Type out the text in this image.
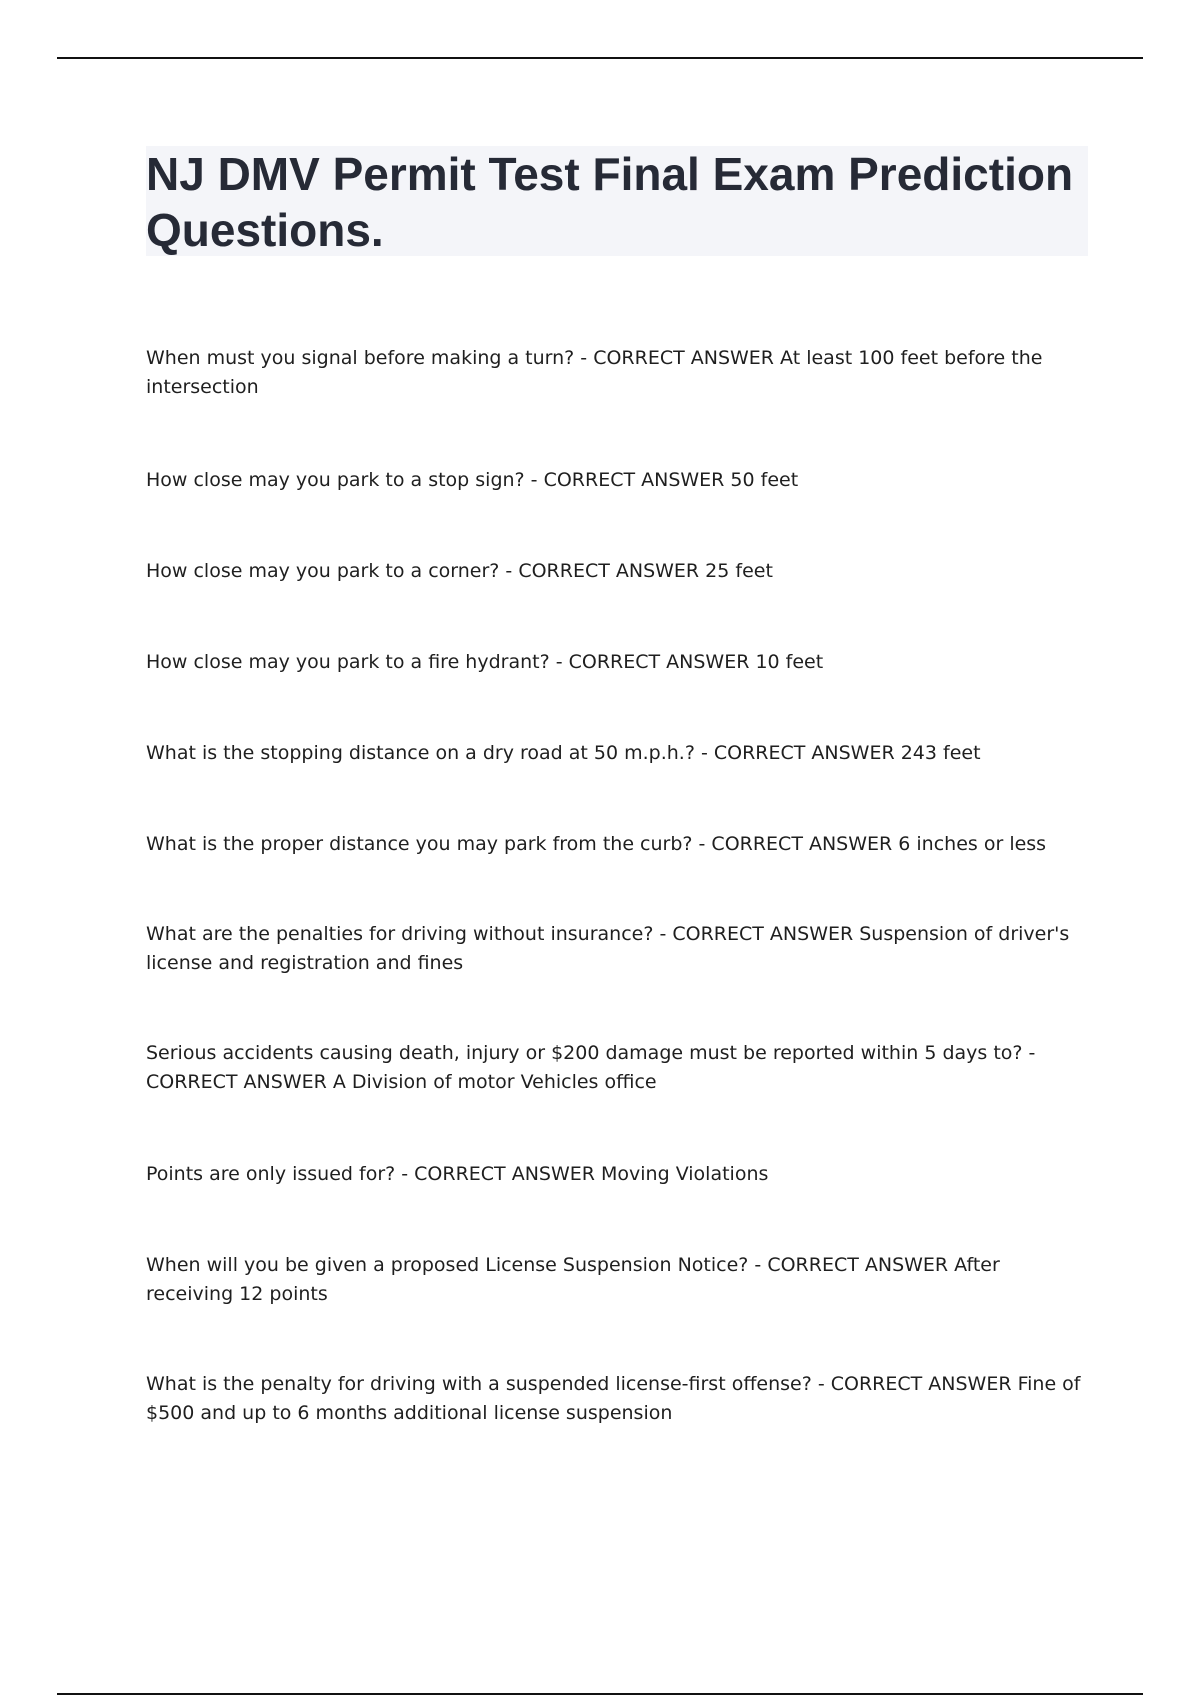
NJ DMV Permit Test Final Exam Prediction Questions.
When must you signal before making a turn? - CORRECT ANSWER At least 100 feet before the intersection
How close may you park to a stop sign? - CORRECT ANSWER 50 feet
How close may you park to a corner? - CORRECT ANSWER 25 feet
How close may you park to a fire hydrant? - CORRECT ANSWER 10 feet
What is the stopping distance on a dry road at 50 m.p.h.? - CORRECT ANSWER 243 feet
What is the proper distance you may park from the curb? - CORRECT ANSWER 6 inches or less
What are the penalties for driving without insurance? - CORRECT ANSWER Suspension of driver's license and registration and fines
Serious accidents causing death, injury or $200 damage must be reported within 5 days to? - CORRECT ANSWER A Division of motor Vehicles office
Points are only issued for? - CORRECT ANSWER Moving Violations
When will you be given a proposed License Suspension Notice? - CORRECT ANSWER After receiving 12 points
What is the penalty for driving with a suspended license-first offense? - CORRECT ANSWER Fine of $500 and up to 6 months additional license suspension
